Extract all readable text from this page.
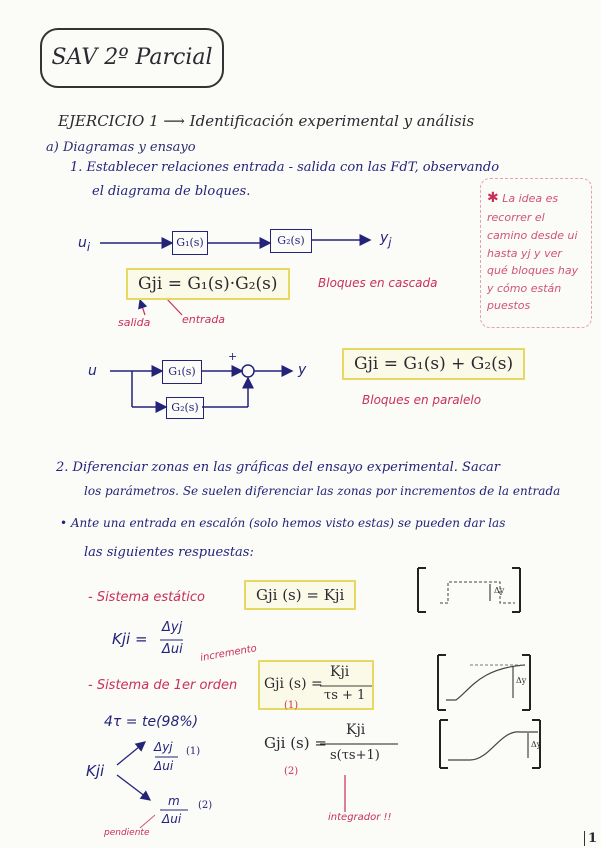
SAV 2º Parcial
EJERCICIO 1 ⟶ Identificación experimental y análisis
a) Diagramas y ensayo
1. Establecer relaciones entrada - salida con las FdT, observando
el diagrama de bloques.
$u_i$	G₁(s)	G₂(s)	$y_j$
Gji = G₁(s)·G₂(s)	Bloques en cascada
salida	entrada
✱ La idea es recorrer el camino desde ui hasta yj y ver qué bloques hay y cómo están puestos
u	G₁(s)
G₂(s)
+
y	Gji = G₁(s) + G₂(s)
Bloques en paralelo
2. Diferenciar zonas en las gráficas del ensayo experimental. Sacar
los parámetros. Se suelen diferenciar las zonas por incrementos de la entrada
• Ante una entrada en escalón (solo hemos visto estas) se pueden dar las
las siguientes respuestas:
- Sistema estático	Gji (s) = Kji
Kji =
Δyj
Δui incremento
- Sistema de 1er orden Gji (s) =
Kji
τs + 1
(1)
4τ = te(98%)
Gji (s) =
Kji
s(τs+1)
(2)
integrador !!
Kji
Δyj
Δui
(1)
m
Δui
(2)
pendiente
Δy
Δy
Δy
1
